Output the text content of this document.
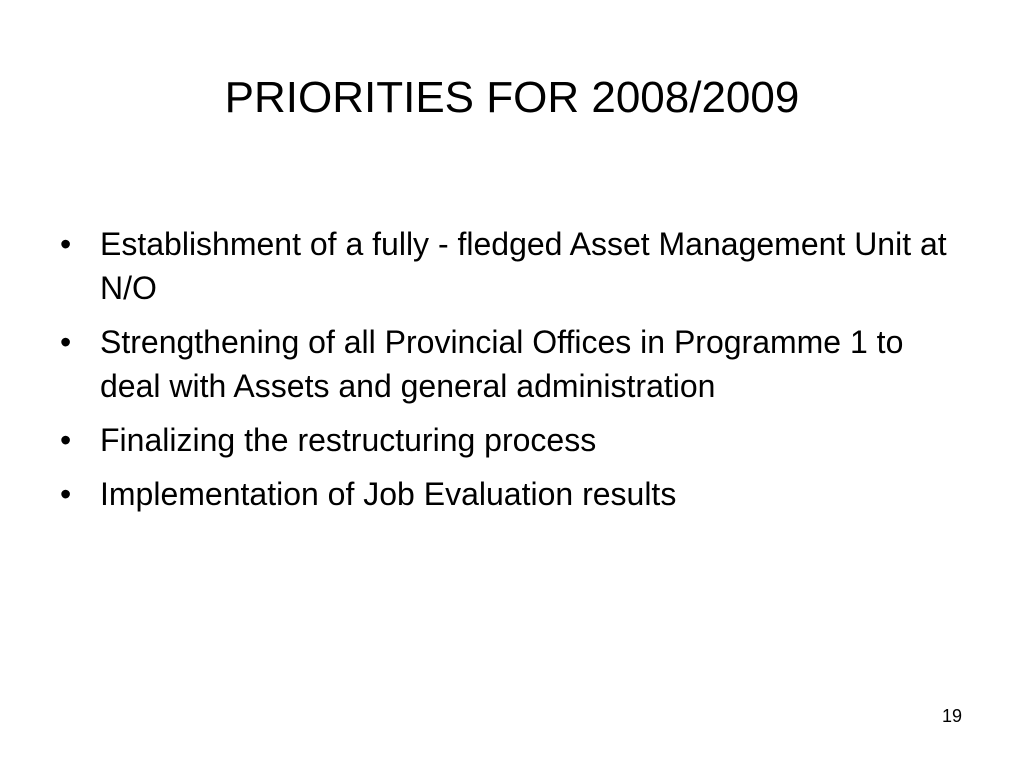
PRIORITIES FOR 2008/2009
• Establishment of a fully - fledged Asset Management Unit at N/O
• Strengthening of all Provincial Offices in Programme 1 to deal with Assets and general administration
• Finalizing the restructuring process
• Implementation of Job Evaluation results
19
